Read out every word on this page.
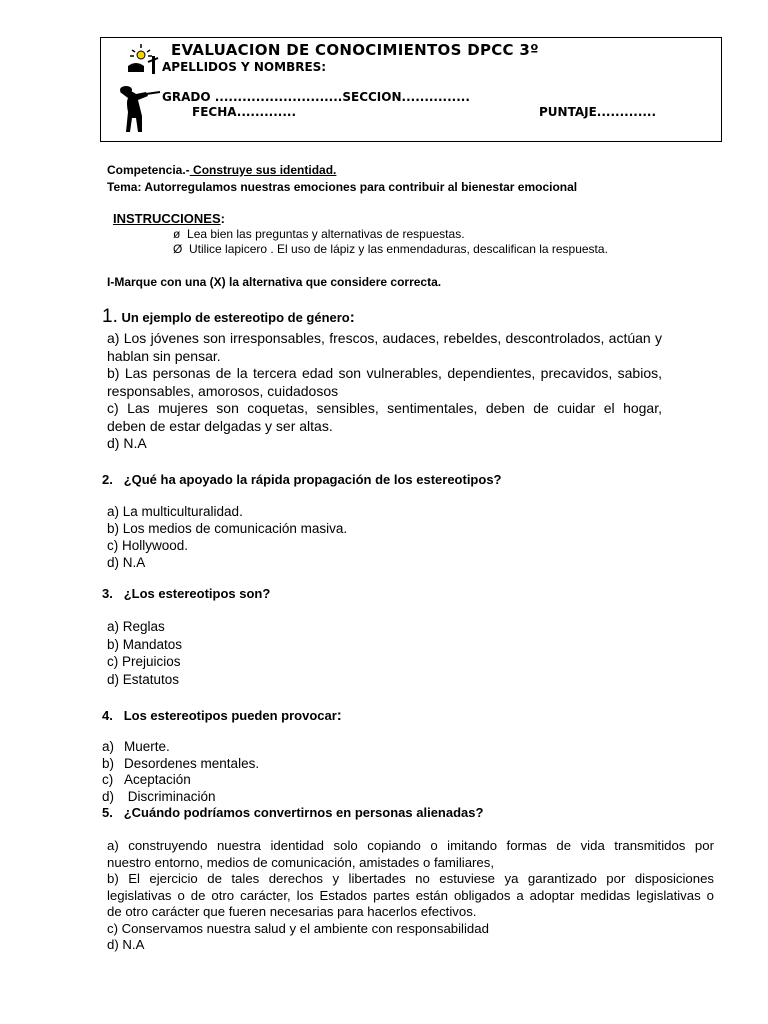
EVALUACION DE CONOCIMIENTOS DPCC 3º
APELLIDOS Y NOMBRES:
GRADO ............................SECCION...............
FECHA.............	PUNTAJE.............
Competencia.- Construye sus identidad.
Tema: Autorregulamos nuestras emociones para contribuir al bienestar emocional
INSTRUCCIONES:
ø Lea bien las preguntas y alternativas de respuestas.
Ø Utilice lapicero . El uso de lápiz y las enmendaduras, descalifican la respuesta.
I-Marque con una (X) la alternativa que considere correcta.
1. Un ejemplo de estereotipo de género:
a) Los jóvenes son irresponsables, frescos, audaces, rebeldes, descontrolados, actúan y
hablan sin pensar.
b) Las personas de la tercera edad son vulnerables, dependientes, precavidos, sabios,
responsables, amorosos, cuidadosos
c) Las mujeres son coquetas, sensibles, sentimentales, deben de cuidar el hogar,
deben de estar delgadas y ser altas.
d) N.A
2. ¿Qué ha apoyado la rápida propagación de los estereotipos?
a) La multiculturalidad.
b) Los medios de comunicación masiva.
c) Hollywood.
d) N.A
3. ¿Los estereotipos son?
a) Reglas
b) Mandatos
c) Prejuicios
d) Estatutos
4. Los estereotipos pueden provocar:
a) Muerte.
b) Desordenes mentales.
c) Aceptación
d) Discriminación
5. ¿Cuándo podríamos convertirnos en personas alienadas?
a) construyendo nuestra identidad solo copiando o imitando formas de vida transmitidos por
nuestro entorno, medios de comunicación, amistades o familiares,
b) El ejercicio de tales derechos y libertades no estuviese ya garantizado por disposiciones
legislativas o de otro carácter, los Estados partes están obligados a adoptar medidas legislativas o
de otro carácter que fueren necesarias para hacerlos efectivos.
c) Conservamos nuestra salud y el ambiente con responsabilidad
d) N.A
